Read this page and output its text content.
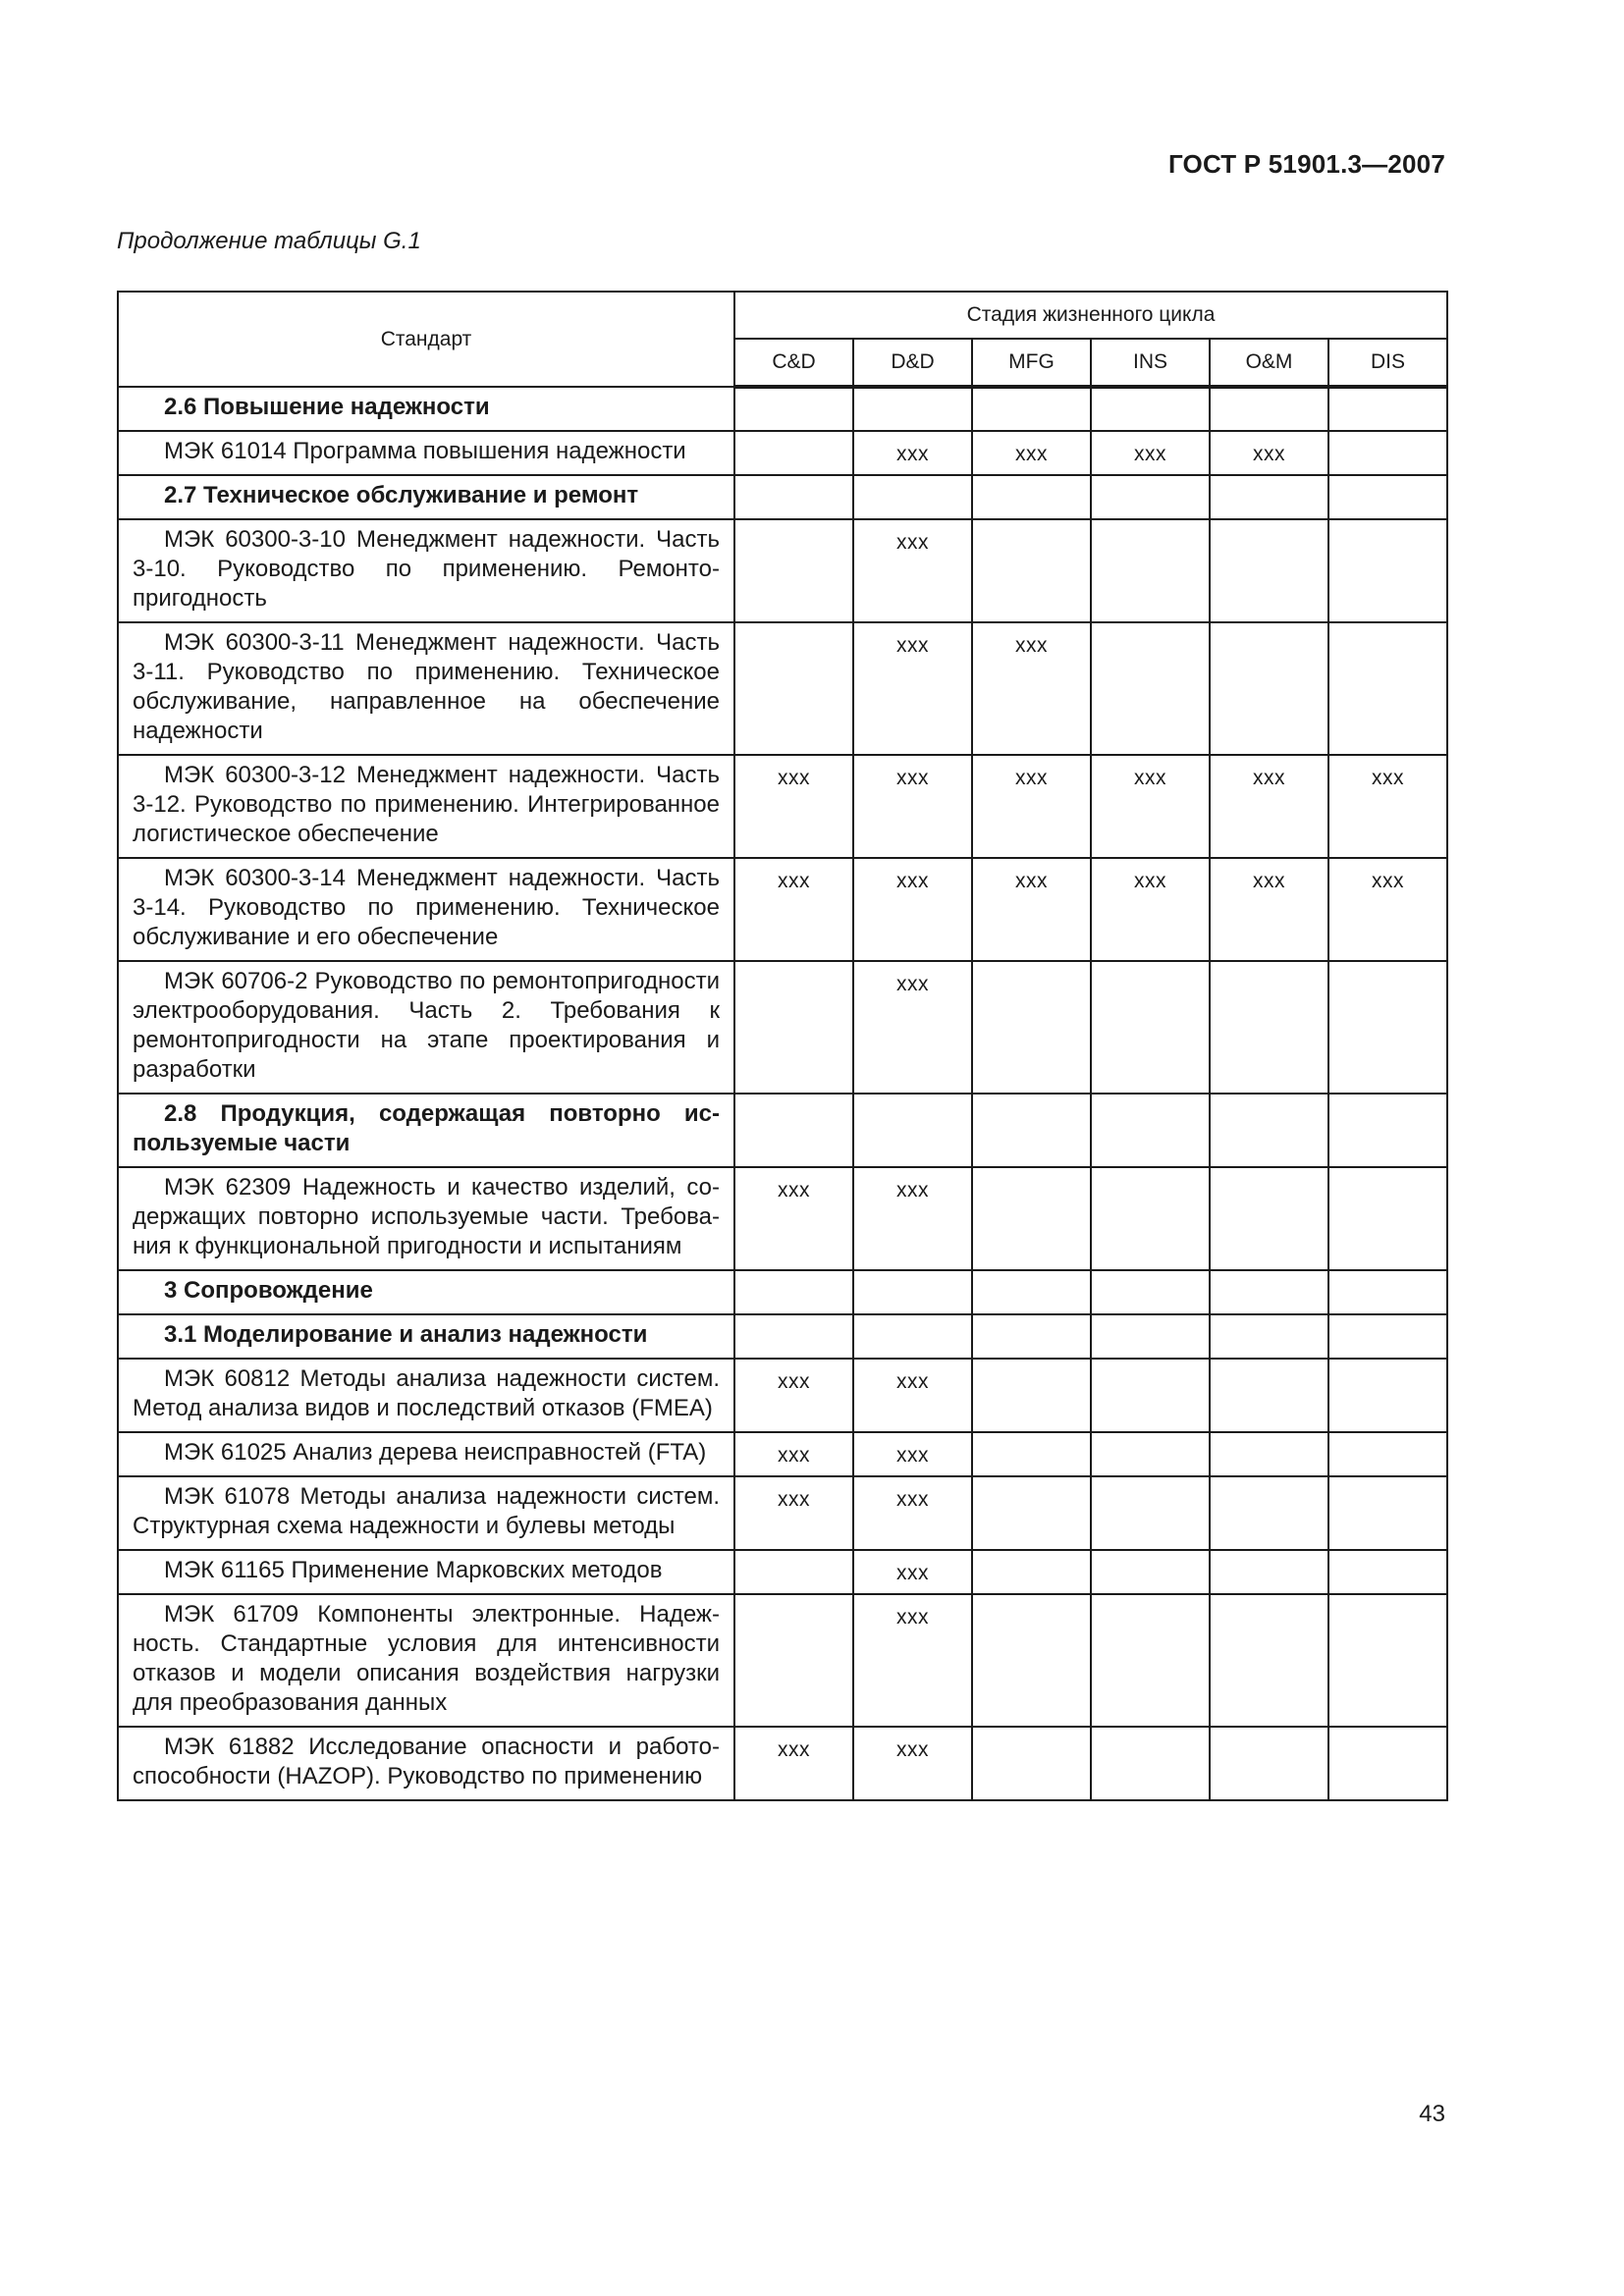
ГОСТ Р 51901.3—2007
Продолжение таблицы G.1
Стандарт	Стадия жизненного цикла					
	C&D	D&D	MFG	INS	O&M	DIS
2.6 Повышение надежности						
МЭК 61014 Программа повышения надежности		xxx	xxx	xxx	xxx	
2.7 Техническое обслуживание и ремонт						
МЭК 60300-3-10 Менеджмент надежности. Часть 3-10. Руководство по применению. Ремонтопригодность		xxx				
МЭК 60300-3-11 Менеджмент надежности. Часть 3-11. Руководство по применению. Техническое обслуживание, направленное на обеспечение надежности		xxx	xxx			
МЭК 60300-3-12 Менеджмент надежности. Часть 3-12. Руководство по применению. Интегрированное логистическое обеспечение	xxx	xxx	xxx	xxx	xxx	xxx
МЭК 60300-3-14 Менеджмент надежности. Часть 3-14. Руководство по применению. Техническое обслуживание и его обеспечение	xxx	xxx	xxx	xxx	xxx	xxx
МЭК 60706-2 Руководство по ремонтопригодности электрооборудования. Часть 2. Требования к ремонтопригодности на этапе проектирования и разработки		xxx				
2.8 Продукция, содержащая повторно используемые части						
МЭК 62309 Надежность и качество изделий, содержащих повторно используемые части. Требования к функциональной пригодности и испытаниям	xxx	xxx				
3 Сопровождение						
3.1 Моделирование и анализ надежности						
МЭК 60812 Методы анализа надежности систем. Метод анализа видов и последствий отказов (FMEA)	xxx	xxx				
МЭК 61025 Анализ дерева неисправностей (FTA)	xxx	xxx				
МЭК 61078 Методы анализа надежности систем. Структурная схема надежности и булевы методы	xxx	xxx				
МЭК 61165 Применение Марковских методов		xxx				
МЭК 61709 Компоненты электронные. Надежность. Стандартные условия для интенсивности отказов и модели описания воздействия нагрузки для преобразования данных		xxx				
МЭК 61882 Исследование опасности и работоспособности (HAZOP). Руководство по применению	xxx	xxx				
43
